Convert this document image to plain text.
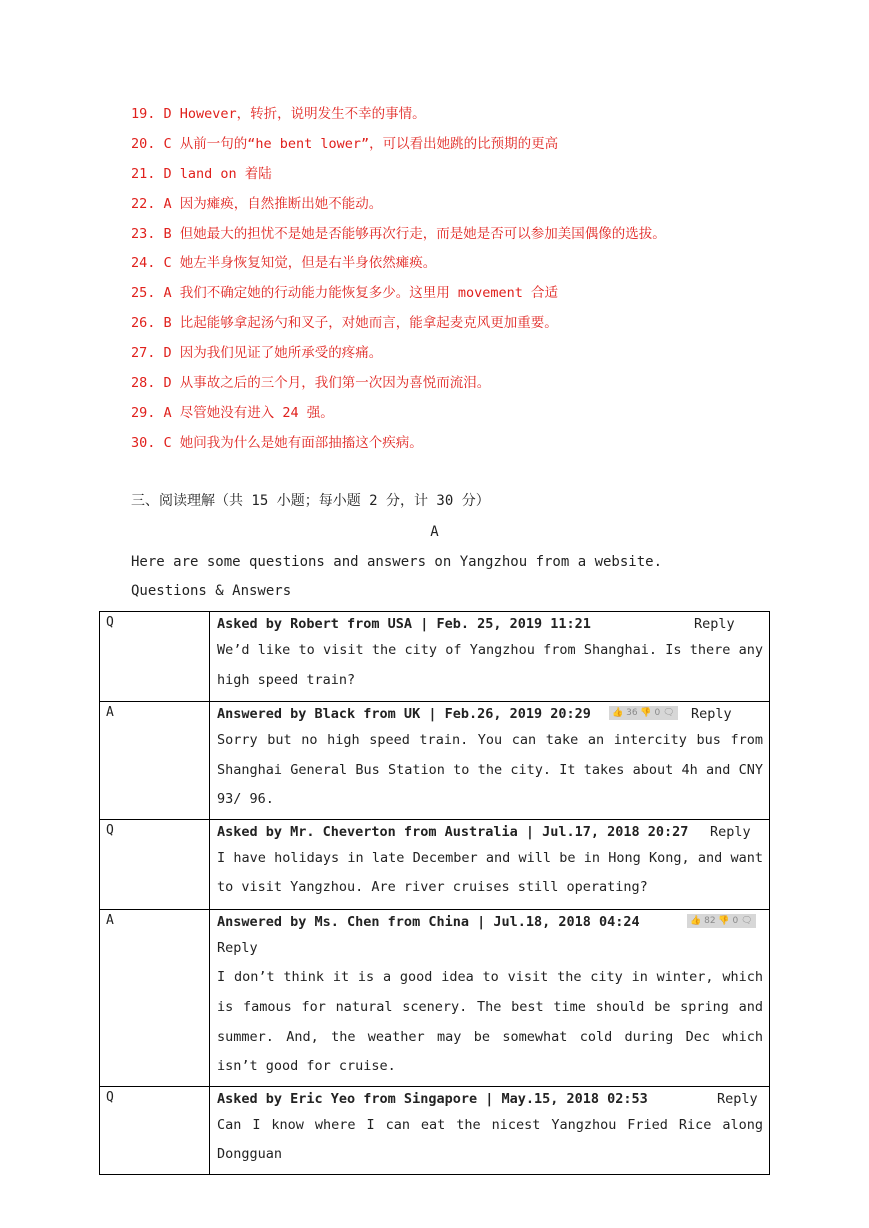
19. D However，转折，说明发生不幸的事情。
20. C 从前一句的“he bent lower”，可以看出她跳的比预期的更高
21. D land on 着陆
22. A 因为瘫痪，自然推断出她不能动。
23. B 但她最大的担忧不是她是否能够再次行走，而是她是否可以参加美国偶像的选拔。
24. C 她左半身恢复知觉，但是右半身依然瘫痪。
25. A 我们不确定她的行动能力能恢复多少。这里用 movement 合适
26. B 比起能够拿起汤勺和叉子，对她而言，能拿起麦克风更加重要。
27. D 因为我们见证了她所承受的疼痛。
28. D 从事故之后的三个月，我们第一次因为喜悦而流泪。
29. A 尽管她没有进入 24 强。
30. C 她问我为什么是她有面部抽搐这个疾病。
三、阅读理解（共 15 小题；每小题 2 分，计 30 分）
A
Here are some questions and answers on Yangzhou from a website.
Questions & Answers
Q	Asked by Robert from USA | Feb. 25, 2019 11:21 Reply
We’d like to visit the city of Yangzhou from Shanghai. Is there any high speed train?

A	Answered by Black from UK | Feb.26, 2019 20:29 👍 36 👎 0 🗨 Reply
Sorry but no high speed train. You can take an intercity bus from Shanghai General Bus Station to the city. It takes about 4h and CNY 93/ 96.

Q	Asked by Mr. Cheverton from Australia | Jul.17, 2018 20:27 Reply
I have holidays in late December and will be in Hong Kong, and want to visit Yangzhou. Are river cruises still operating?

A	Answered by Ms. Chen from China | Jul.18, 2018 04:24 👍 82 👎 0 🗨
Reply
I don’t think it is a good idea to visit the city in winter, which is famous for natural scenery. The best time should be spring and summer. And, the weather may be somewhat cold during Dec which isn’t good for cruise.

Q	Asked by Eric Yeo from Singapore | May.15, 2018 02:53 Reply
Can I know where I can eat the nicest Yangzhou Fried Rice along Dongguan
